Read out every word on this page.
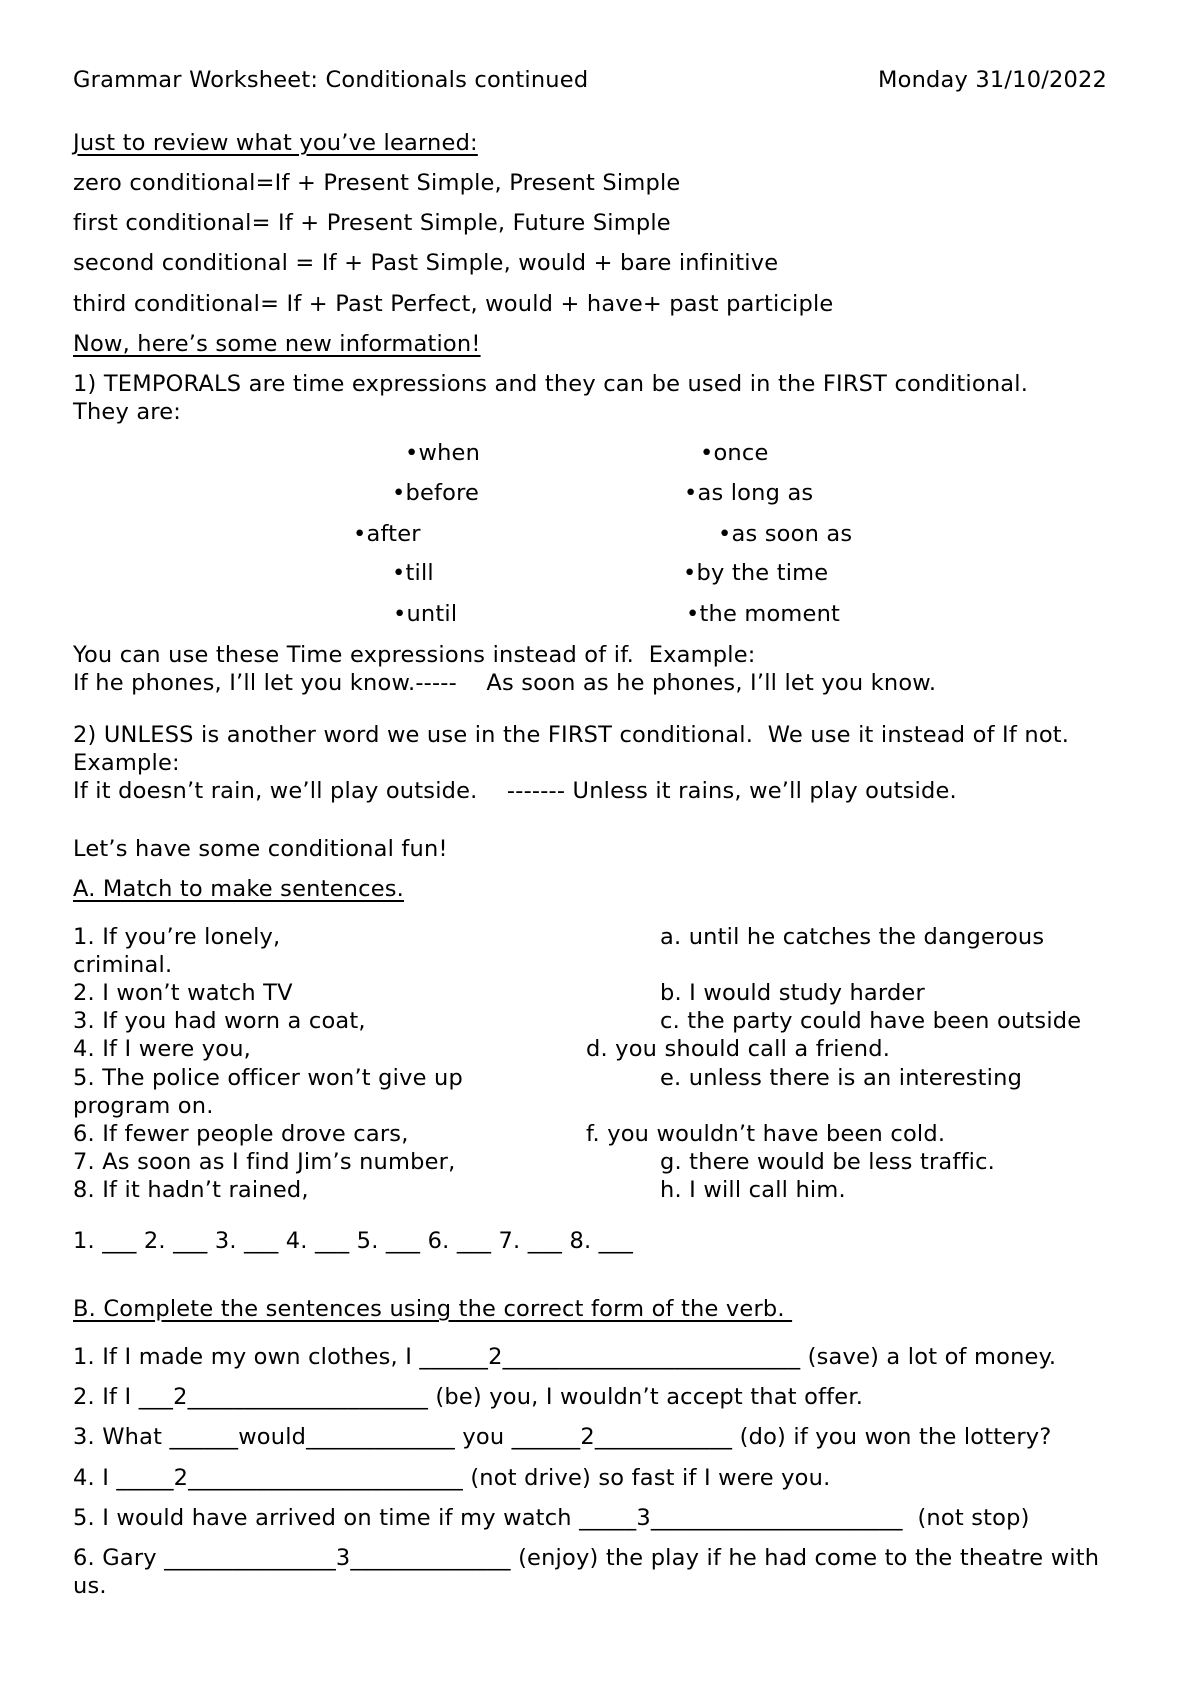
Grammar Worksheet: Conditionals continued	Monday 31/10/2022
Just to review what you’ve learned:
zero conditional=If + Present Simple, Present Simple
first conditional= If + Present Simple, Future Simple
second conditional = If + Past Simple, would + bare infinitive
third conditional= If + Past Perfect, would + have+ past participle
Now, here’s some new information!
1) TEMPORALS are time expressions and they can be used in the FIRST conditional.
They are:
•when
•before
•after
•till
•until
•once
•as long as
•as soon as
•by the time
•the moment
You can use these Time expressions instead of if.  Example:
If he phones, I’ll let you know.-----    As soon as he phones, I’ll let you know.
2) UNLESS is another word we use in the FIRST conditional.  We use it instead of If not.
Example:
If it doesn’t rain, we’ll play outside.    ------- Unless it rains, we’ll play outside.
Let’s have some conditional fun!
A. Match to make sentences.
1. If you’re lonely,
criminal.
2. I won’t watch TV
3. If you had worn a coat,
4. If I were you,
5. The police officer won’t give up
program on.
6. If fewer people drove cars,
7. As soon as I find Jim’s number,
8. If it hadn’t rained,
a. until he catches the dangerous
b. I would study harder
c. the party could have been outside
d. you should call a friend.
e. unless there is an interesting
f. you wouldn’t have been cold.
g. there would be less traffic.
h. I will call him.
1. ___ 2. ___ 3. ___ 4. ___ 5. ___ 6. ___ 7. ___ 8. ___
B. Complete the sentences using the correct form of the verb.
1. If I made my own clothes, I ______2__________________________ (save) a lot of money.
2. If I ___2_____________________ (be) you, I wouldn’t accept that offer.
3. What ______would_____________ you ______2____________ (do) if you won the lottery?
4. I _____2________________________ (not drive) so fast if I were you.
5. I would have arrived on time if my watch _____3______________________  (not stop)
6. Gary _______________3______________ (enjoy) the play if he had come to the theatre with
us.
